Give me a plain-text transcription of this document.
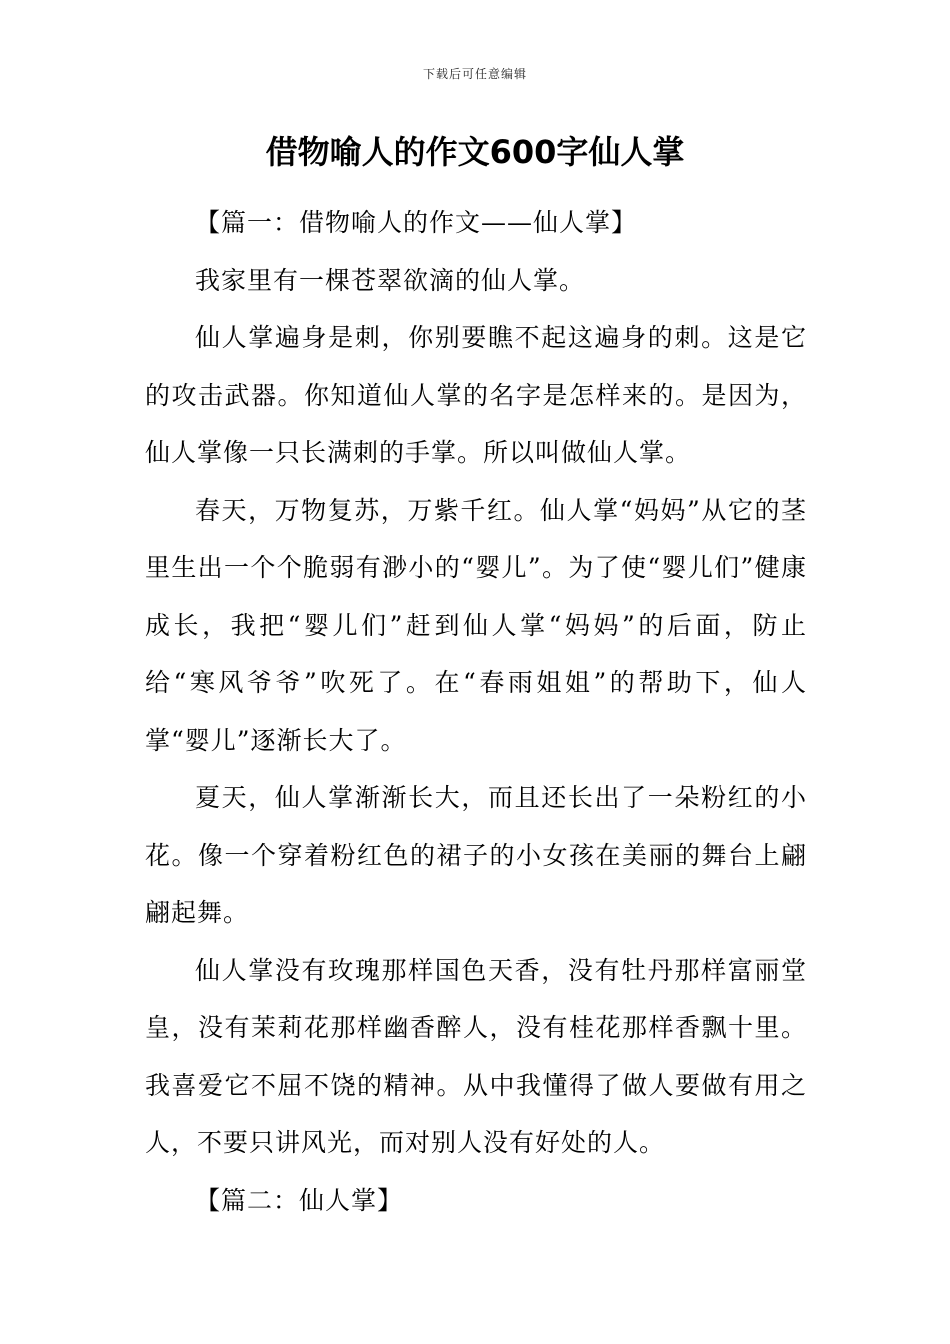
下载后可任意编辑
借物喻人的作文600字仙人掌

【篇一：借物喻人的作文——仙人掌】

我家里有一棵苍翠欲滴的仙人掌。

仙人掌遍身是刺，你别要瞧不起这遍身的刺。这是它的攻击武器。你知道仙人掌的名字是怎样来的。是因为，仙人掌像一只长满刺的手掌。所以叫做仙人掌。

春天，万物复苏，万紫千红。仙人掌“妈妈”从它的茎里生出一个个脆弱有渺小的“婴儿”。为了使“婴儿们”健康成长，我把“婴儿们”赶到仙人掌“妈妈”的后面，防止给“寒风爷爷”吹死了。在“春雨姐姐”的帮助下，仙人掌“婴儿”逐渐长大了。

夏天，仙人掌渐渐长大，而且还长出了一朵粉红的小花。像一个穿着粉红色的裙子的小女孩在美丽的舞台上翩翩起舞。

仙人掌没有玫瑰那样国色天香，没有牡丹那样富丽堂皇，没有茉莉花那样幽香醉人，没有桂花那样香飘十里。我喜爱它不屈不饶的精神。从中我懂得了做人要做有用之人，不要只讲风光，而对别人没有好处的人。

【篇二：仙人掌】
